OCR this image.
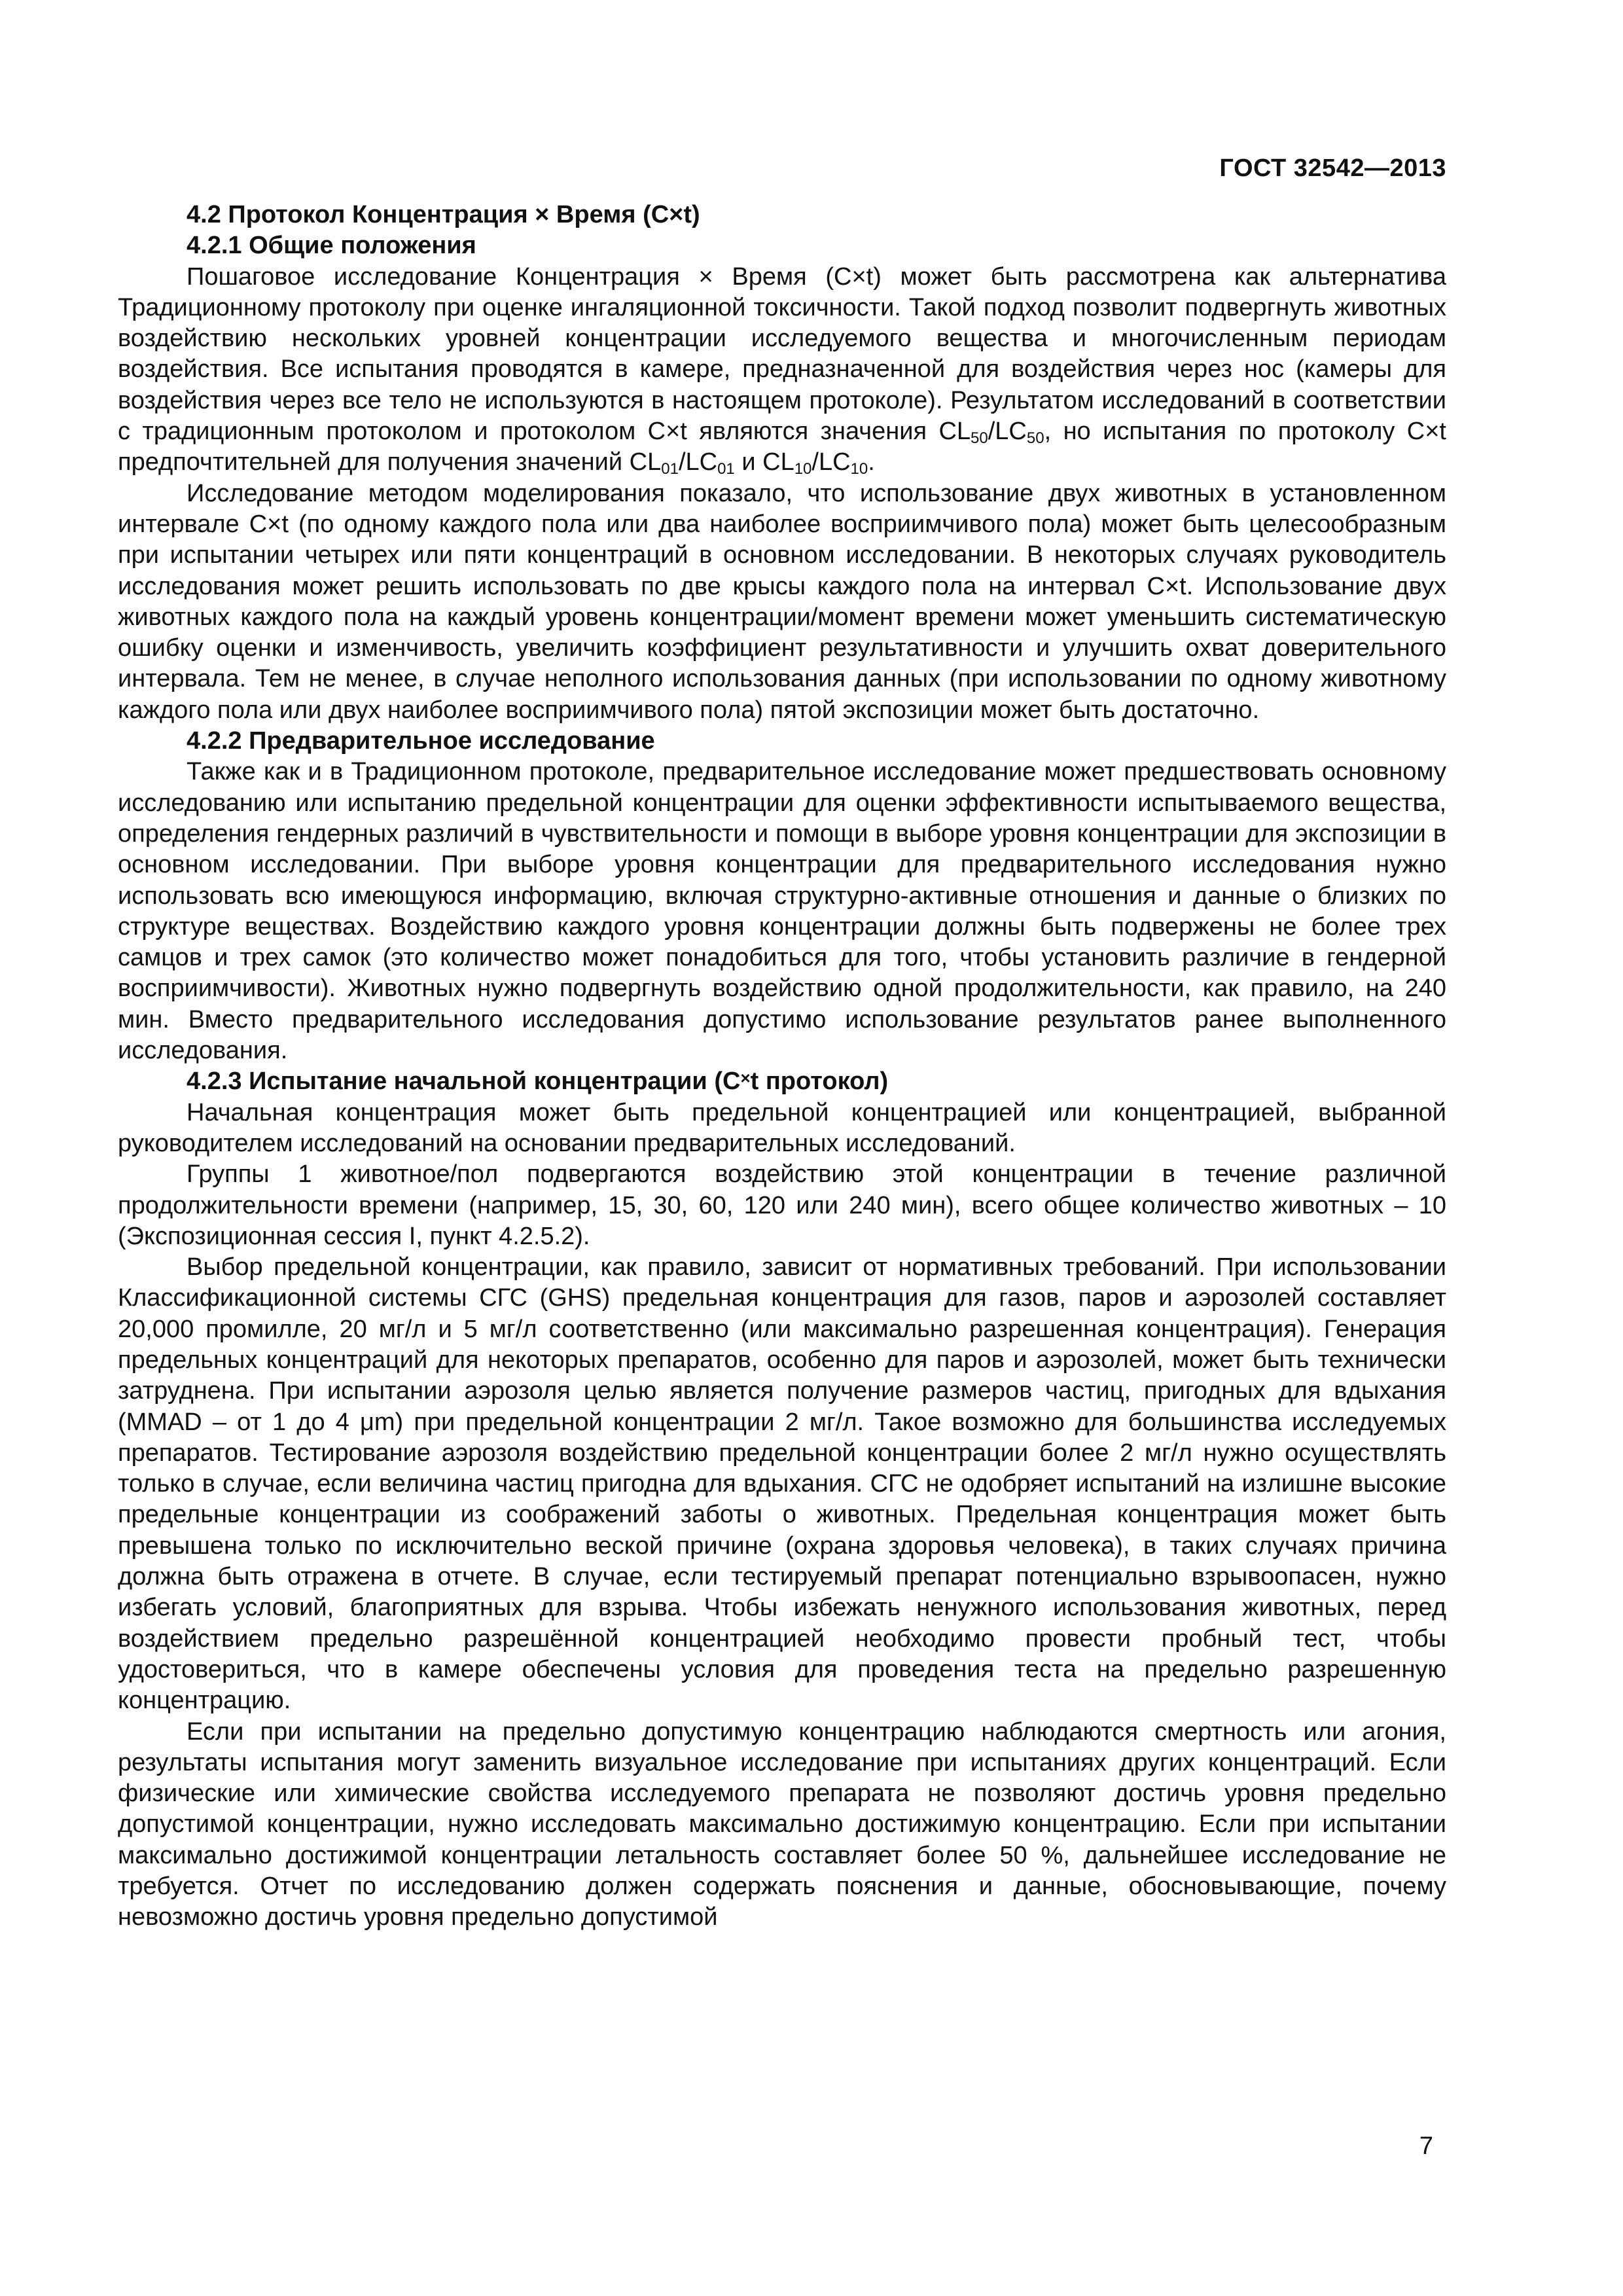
ГОСТ 32542—2013
4.2 Протокол Концентрация × Время (C×t)
4.2.1 Общие положения

Пошаговое исследование Концентрация × Время (C×t) может быть рассмотрена как альтернатива Традиционному протоколу при оценке ингаляционной токсичности. Такой подход позволит подвергнуть животных воздействию нескольких уровней концентрации исследуемого вещества и многочисленным периодам воздействия. Все испытания проводятся в камере, предназначенной для воздействия через нос (камеры для воздействия через все тело не используются в настоящем протоколе). Результатом исследований в соответствии с традиционным протоколом и протоколом C×t являются значения $CL_{50}/LC_{50}$, но испытания по протоколу C×t предпочтительней для получения значений $CL_{01}/LC_{01}$ и $CL_{10}/LC_{10}$.

Исследование методом моделирования показало, что использование двух животных в установленном интервале C×t (по одному каждого пола или два наиболее восприимчивого пола) может быть целесообразным при испытании четырех или пяти концентраций в основном исследовании. В некоторых случаях руководитель исследования может решить использовать по две крысы каждого пола на интервал C×t. Использование двух животных каждого пола на каждый уровень концентрации/момент времени может уменьшить систематическую ошибку оценки и изменчивость, увеличить коэффициент результативности и улучшить охват доверительного интервала. Тем не менее, в случае неполного использования данных (при использовании по одному животному каждого пола или двух наиболее восприимчивого пола) пятой экспозиции может быть достаточно.

4.2.2 Предварительное исследование

Также как и в Традиционном протоколе, предварительное исследование может предшествовать основному исследованию или испытанию предельной концентрации для оценки эффективности испытываемого вещества, определения гендерных различий в чувствительности и помощи в выборе уровня концентрации для экспозиции в основном исследовании. При выборе уровня концентрации для предварительного исследования нужно использовать всю имеющуюся информацию, включая структурно-активные отношения и данные о близких по структуре веществах. Воздействию каждого уровня концентрации должны быть подвержены не более трех самцов и трех самок (это количество может понадобиться для того, чтобы установить различие в гендерной восприимчивости). Животных нужно подвергнуть воздействию одной продолжительности, как правило, на 240 мин. Вместо предварительного исследования допустимо использование результатов ранее выполненного исследования.

4.2.3 Испытание начальной концентрации (C×t протокол)

Начальная концентрация может быть предельной концентрацией или концентрацией, выбранной руководителем исследований на основании предварительных исследований.

Группы 1 животное/пол подвергаются воздействию этой концентрации в течение различной продолжительности времени (например, 15, 30, 60, 120 или 240 мин), всего общее количество животных – 10 (Экспозиционная сессия I, пункт 4.2.5.2).

Выбор предельной концентрации, как правило, зависит от нормативных требований. При использовании Классификационной системы СГС (GHS) предельная концентрация для газов, паров и аэрозолей составляет 20,000 промилле, 20 мг/л и 5 мг/л соответственно (или максимально разрешенная концентрация). Генерация предельных концентраций для некоторых препаратов, особенно для паров и аэрозолей, может быть технически затруднена. При испытании аэрозоля целью является получение размеров частиц, пригодных для вдыхания (MMAD – от 1 до 4 μm) при предельной концентрации 2 мг/л. Такое возможно для большинства исследуемых препаратов. Тестирование аэрозоля воздействию предельной концентрации более 2 мг/л нужно осуществлять только в случае, если величина частиц пригодна для вдыхания. СГС не одобряет испытаний на излишне высокие предельные концентрации из соображений заботы о животных. Предельная концентрация может быть превышена только по исключительно веской причине (охрана здоровья человека), в таких случаях причина должна быть отражена в отчете. В случае, если тестируемый препарат потенциально взрывоопасен, нужно избегать условий, благоприятных для взрыва. Чтобы избежать ненужного использования животных, перед воздействием предельно разрешённой концентрацией необходимо провести пробный тест, чтобы удостовериться, что в камере обеспечены условия для проведения теста на предельно разрешенную концентрацию.

Если при испытании на предельно допустимую концентрацию наблюдаются смертность или агония, результаты испытания могут заменить визуальное исследование при испытаниях других концентраций. Если физические или химические свойства исследуемого препарата не позволяют достичь уровня предельно допустимой концентрации, нужно исследовать максимально достижимую концентрацию. Если при испытании максимально достижимой концентрации летальность составляет более 50 %, дальнейшее исследование не требуется. Отчет по исследованию должен содержать пояснения и данные, обосновывающие, почему невозможно достичь уровня предельно допустимой

7
